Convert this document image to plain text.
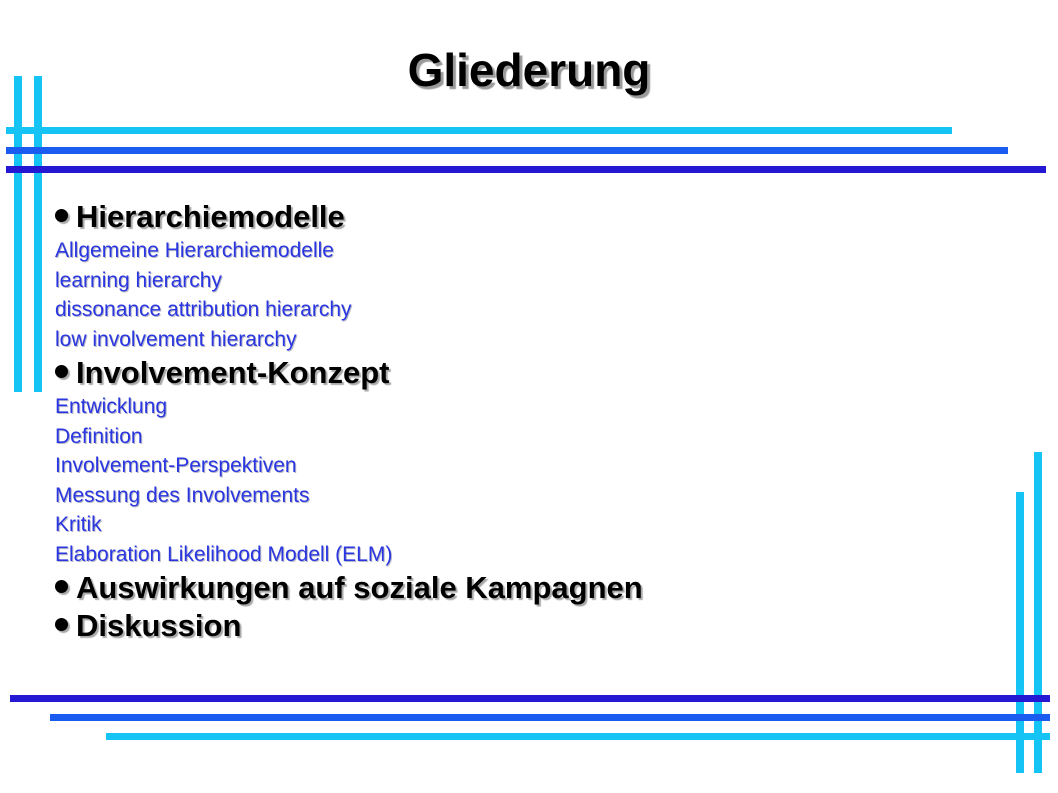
Gliederung
Hierarchiemodelle
Allgemeine Hierarchiemodelle
learning hierarchy
dissonance attribution hierarchy
low involvement hierarchy
Involvement-Konzept
Entwicklung
Definition
Involvement-Perspektiven
Messung des Involvements
Kritik
Elaboration Likelihood Modell (ELM)
Auswirkungen auf soziale Kampagnen
Diskussion
